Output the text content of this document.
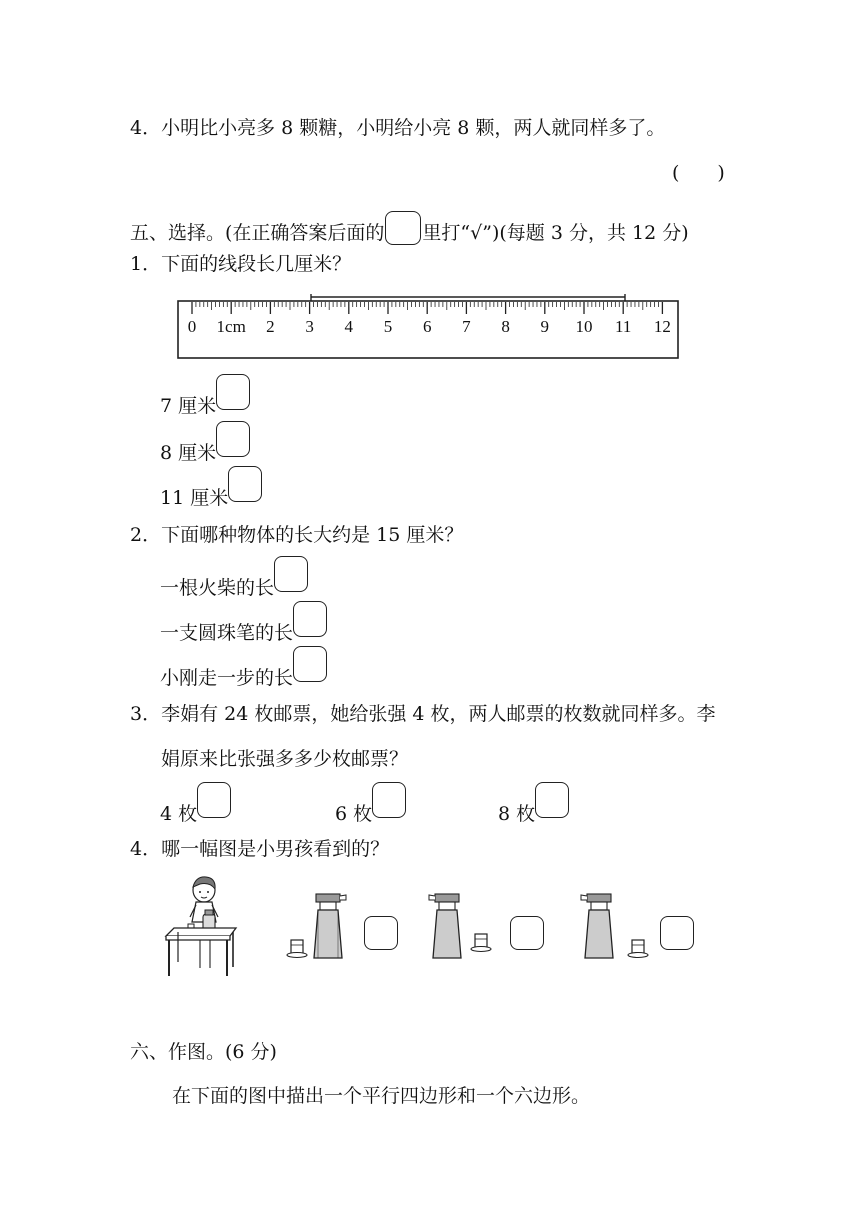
4．小明比小亮多 8 颗糖，小明给小亮 8 颗，两人就同样多了。
(　　)
五、选择。(在正确答案后面的 里打“√”)(每题 3 分，共 12 分)
1．下面的线段长几厘米？
0 1cm 2 3 4 5 6 7 8 9 10 11 12
7 厘米
8 厘米
11 厘米
2．下面哪种物体的长大约是 15 厘米？
一根火柴的长
一支圆珠笔的长
小刚走一步的长
3．李娟有 24 枚邮票，她给张强 4 枚，两人邮票的枚数就同样多。李
娟原来比张强多多少枚邮票？
4 枚	6 枚	8 枚
4．哪一幅图是小男孩看到的？
六、作图。(6 分)
在下面的图中描出一个平行四边形和一个六边形。
